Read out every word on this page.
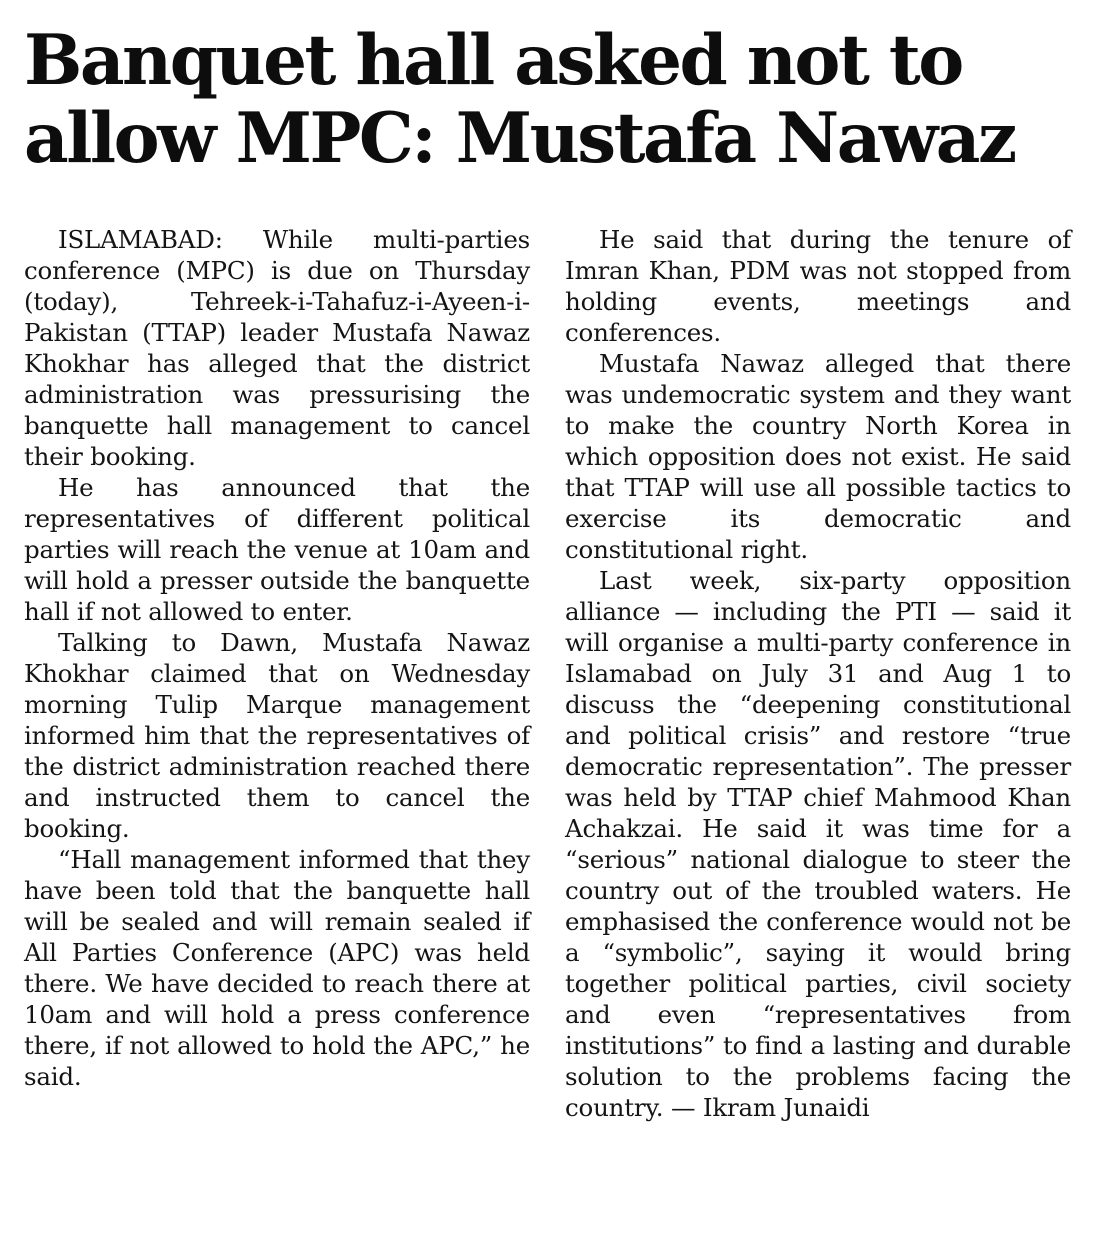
Banquet hall asked not to
allow MPC: Mustafa Nawaz

ISLAMABAD: While multi-parties conference (MPC) is due on Thursday (today), Tehreek-i-Tahafuz-i-Ayeen-i-Pakistan (TTAP) leader Mustafa Nawaz Khokhar has alleged that the district administration was pressurising the banquette hall management to cancel their booking.

He has announced that the representatives of different political parties will reach the venue at 10am and will hold a presser outside the banquette hall if not allowed to enter.

Talking to Dawn, Mustafa Nawaz Khokhar claimed that on Wednesday morning Tulip Marque management informed him that the representatives of the district administration reached there and instructed them to cancel the booking.

“Hall management informed that they have been told that the banquette hall will be sealed and will remain sealed if All Parties Conference (APC) was held there. We have decided to reach there at 10am and will hold a press conference there, if not allowed to hold the APC,” he said.

He said that during the tenure of Imran Khan, PDM was not stopped from holding events, meetings and conferences.

Mustafa Nawaz alleged that there was undemocratic system and they want to make the country North Korea in which opposition does not exist. He said that TTAP will use all possible tactics to exercise its democratic and constitutional right.

Last week, six-party opposition alliance — including the PTI — said it will organise a multi-party conference in Islamabad on July 31 and Aug 1 to discuss the “deepening constitutional and political crisis” and restore “true democratic representation”. The presser was held by TTAP chief Mahmood Khan Achakzai. He said it was time for a “serious” national dialogue to steer the country out of the troubled waters. He emphasised the conference would not be a “symbolic”, saying it would bring together political parties, civil society and even “representatives from institutions” to find a lasting and durable solution to the problems facing the country. — Ikram Junaidi
